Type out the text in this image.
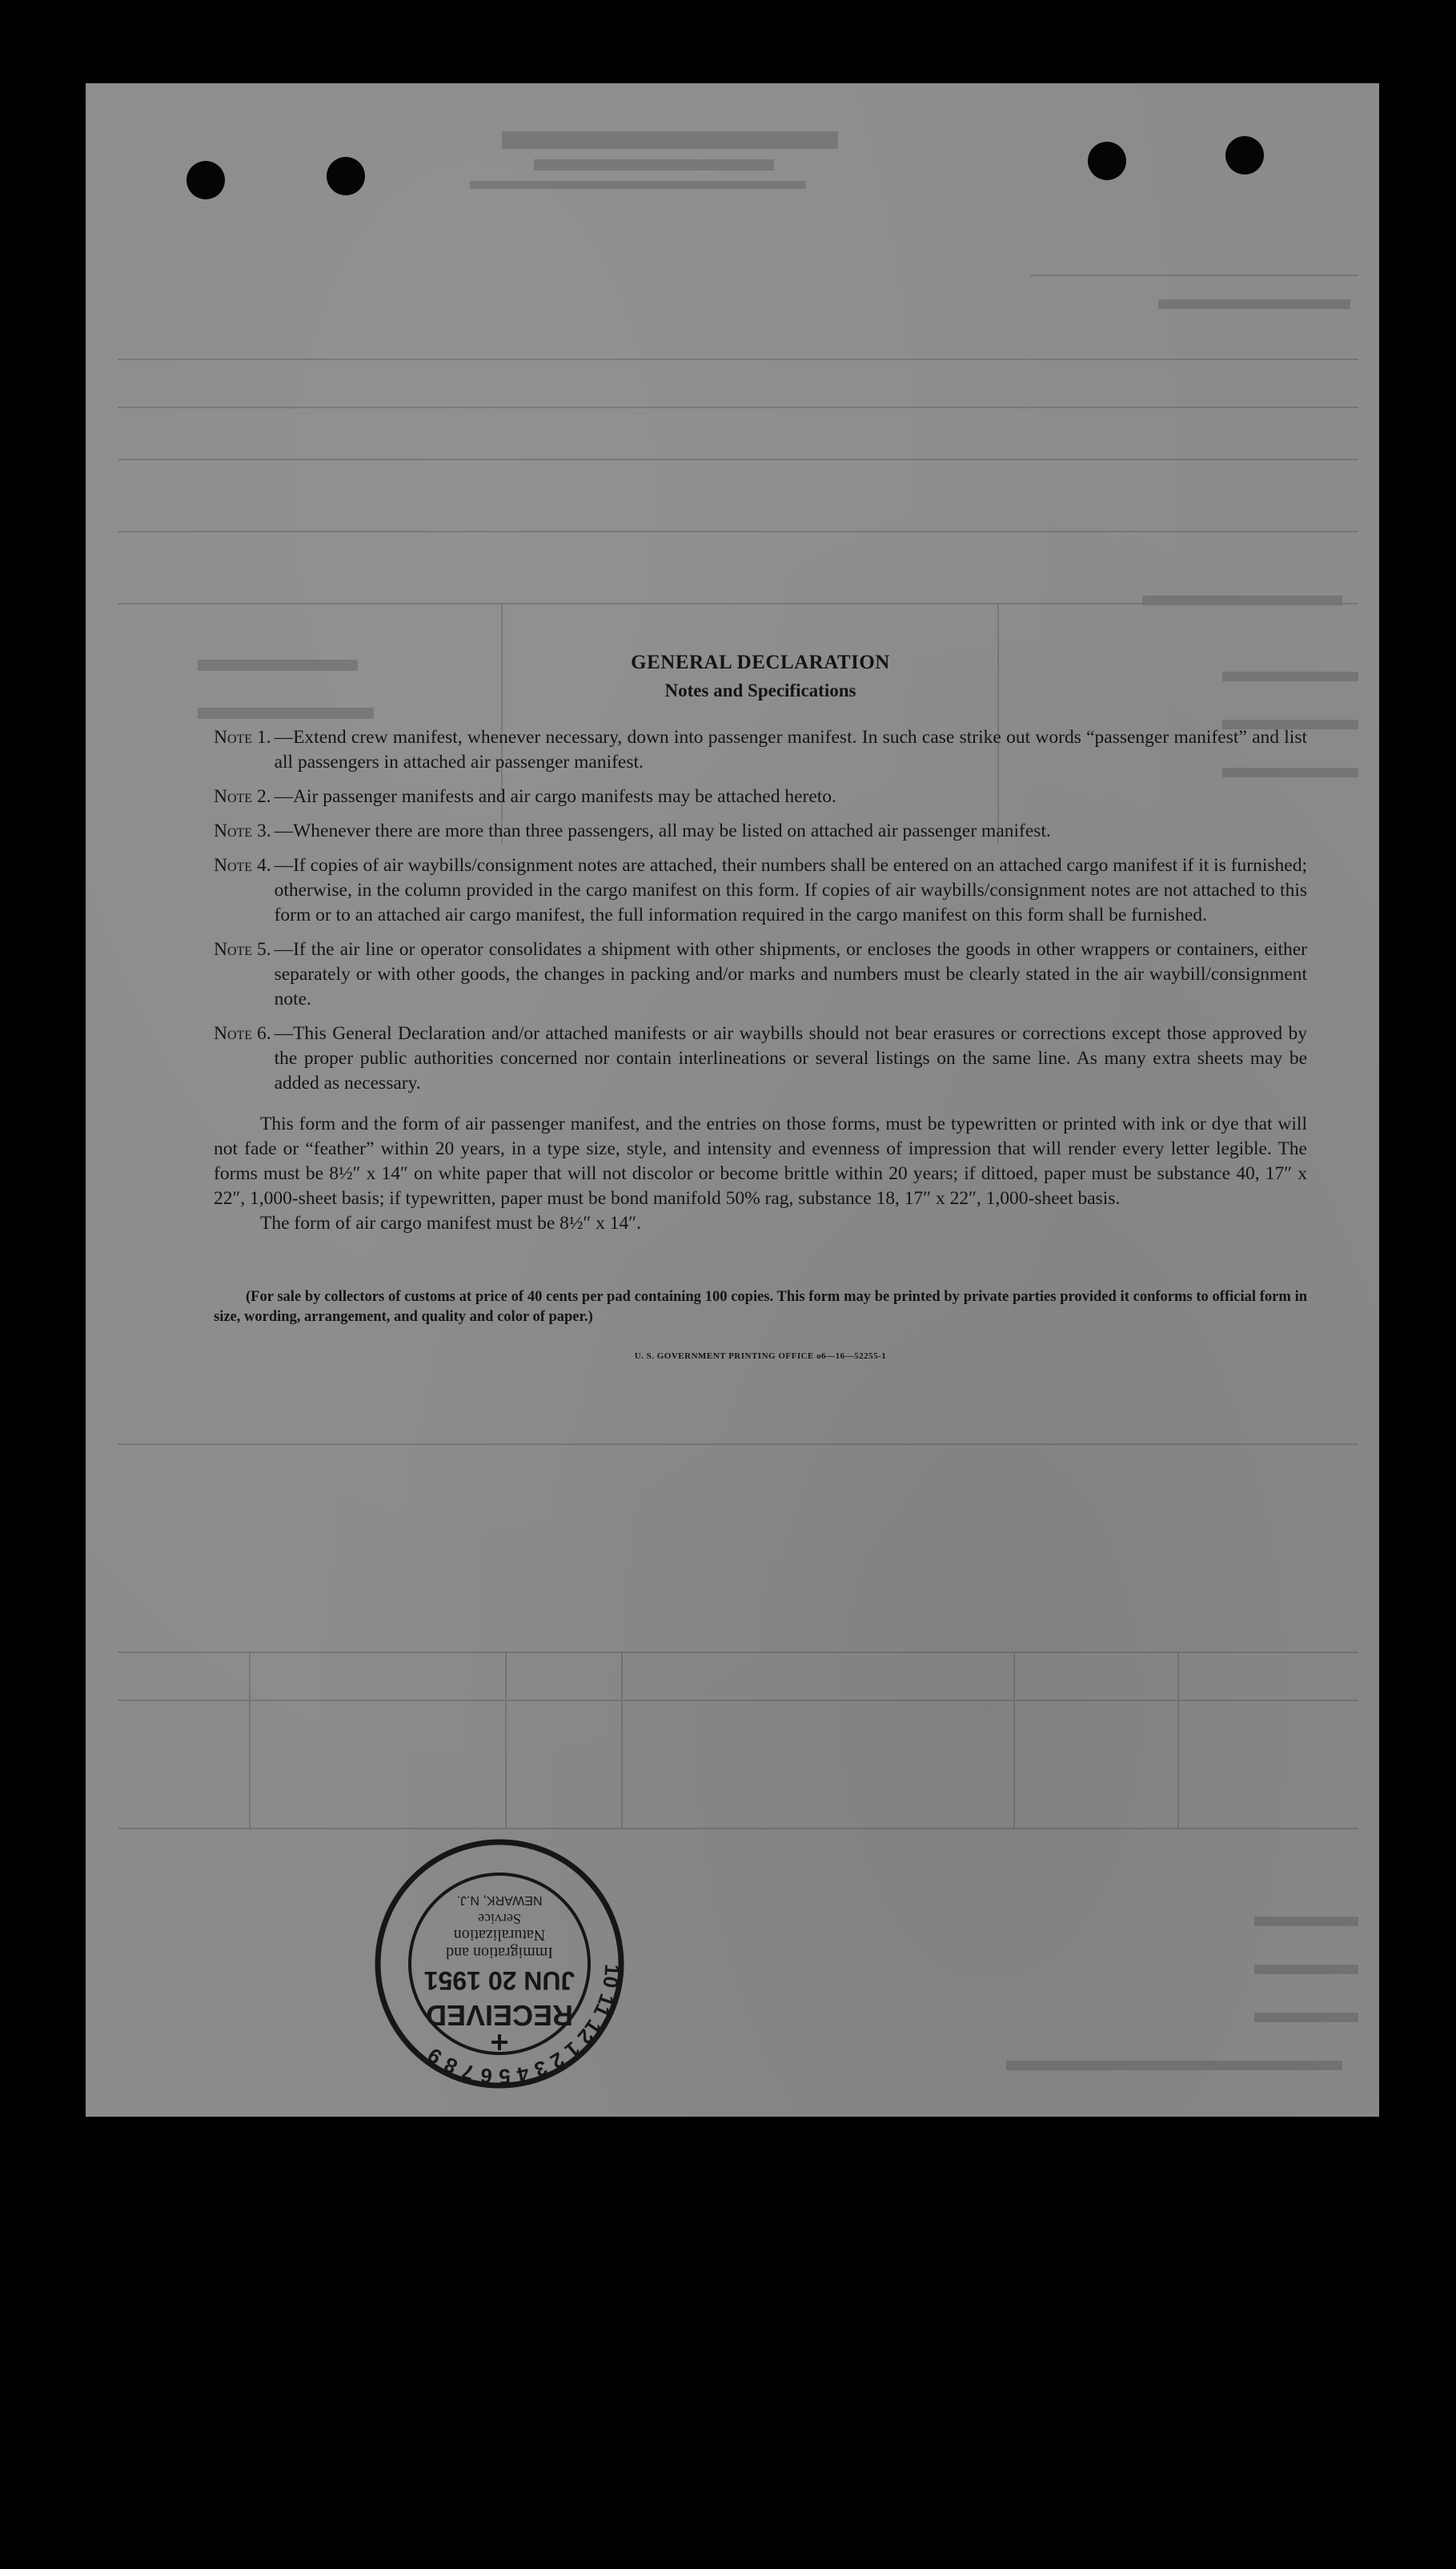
GENERAL DECLARATION
Notes and Specifications
Note 1. —Extend crew manifest, whenever necessary, down into passenger manifest. In such case strike out words “passenger manifest” and list all passengers in attached air passenger manifest.
Note 2. —Air passenger manifests and air cargo manifests may be attached hereto.
Note 3. —Whenever there are more than three passengers, all may be listed on attached air passenger manifest.
Note 4. —If copies of air waybills/consignment notes are attached, their numbers shall be entered on an attached cargo manifest if it is furnished; otherwise, in the column provided in the cargo manifest on this form. If copies of air waybills/consignment notes are not attached to this form or to an attached air cargo manifest, the full information required in the cargo manifest on this form shall be furnished.
Note 5. —If the air line or operator consolidates a shipment with other shipments, or encloses the goods in other wrappers or containers, either separately or with other goods, the changes in packing and/or marks and numbers must be clearly stated in the air waybill/consignment note.
Note 6. —This General Declaration and/or attached manifests or air waybills should not bear erasures or corrections except those approved by the proper public authorities concerned nor contain interlineations or several listings on the same line. As many extra sheets may be added as necessary.

This form and the form of air passenger manifest, and the entries on those forms, must be typewritten or printed with ink or dye that will not fade or “feather” within 20 years, in a type size, style, and intensity and evenness of impression that will render every letter legible. The forms must be 8½″ x 14″ on white paper that will not discolor or become brittle within 20 years; if dittoed, paper must be substance 40, 17″ x 22″, 1,000-sheet basis; if typewritten, paper must be bond manifold 50% rag, substance 18, 17″ x 22″, 1,000-sheet basis.

The form of air cargo manifest must be 8½″ x 14″.

(For sale by collectors of customs at price of 40 cents per pad containing 100 copies. This form may be printed by private parties provided it conforms to official form in size, wording, arrangement, and quality and color of paper.)

U. S. GOVERNMENT PRINTING OFFICE o6—16—52255-1
10 11 12 1 2 3 4 5 6 7 8 9
RECEIVED
JUN 20 1951
Immigration and
Naturalization
Service
NEWARK, N.J.
